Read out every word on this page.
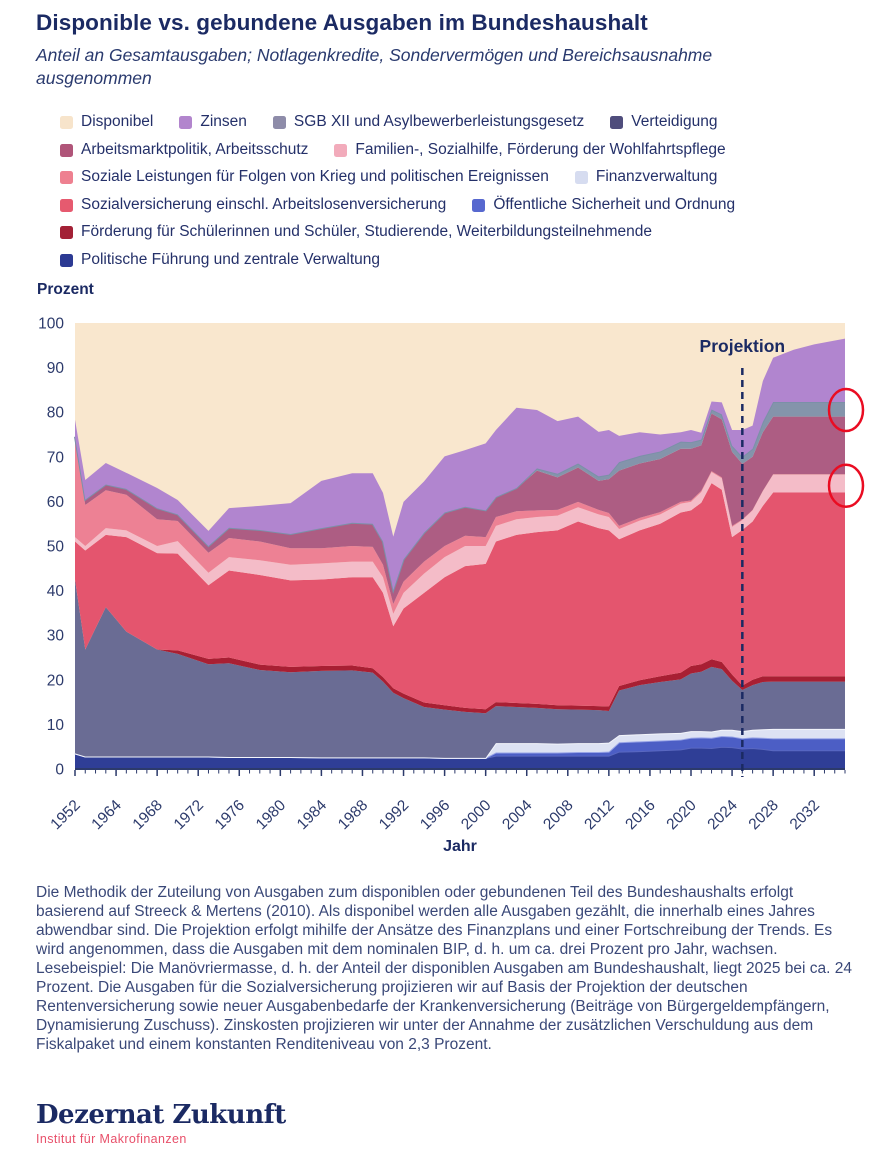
Disponible vs. gebundene Ausgaben im Bundeshaushalt
Anteil an Gesamtausgaben; Notlagenkredite, Sondervermögen und Bereichsausnahme ausgenommen
Disponibel	Zinsen	SGB XII und Asylbewerberleistungsgesetz	Verteidigung
Arbeitsmarktpolitik, Arbeitsschutz	Familien-, Sozialhilfe, Förderung der Wohlfahrtspflege
Soziale Leistungen für Folgen von Krieg und politischen Ereignissen	Finanzverwaltung
Sozialversicherung einschl. Arbeitslosenversicherung	Öffentliche Sicherheit und Ordnung
Förderung für Schülerinnen und Schüler, Studierende, Weiterbildungsteilnehmende
Politische Führung und zentrale Verwaltung
Prozent
0
10
20
30
40
50
60
70
80
90
100
1952 1964 1968 1972 1976 1980 1984 1988 1992 1996 2000 2004 2008 2012 2016 2020 2024 2028 2032
Projektion
Jahr

Die Methodik der Zuteilung von Ausgaben zum disponiblen oder gebundenen Teil des Bundeshaushalts erfolgt basierend auf Streeck & Mertens (2010). Als disponibel werden alle Ausgaben gezählt, die innerhalb eines Jahres abwendbar sind. Die Projektion erfolgt mihilfe der Ansätze des Finanzplans und einer Fortschreibung der Trends. Es wird angenommen, dass die Ausgaben mit dem nominalen BIP, d. h. um ca. drei Prozent pro Jahr, wachsen.

Lesebeispiel: Die Manövriermasse, d. h. der Anteil der disponiblen Ausgaben am Bundeshaushalt, liegt 2025 bei ca. 24 Prozent. Die Ausgaben für die Sozialversicherung projizieren wir auf Basis der Projektion der deutschen Rentenversicherung sowie neuer Ausgabenbedarfe der Krankenversicherung (Beiträge von Bürgergeldempfängern, Dynamisierung Zuschuss). Zinskosten projizieren wir unter der Annahme der zusätzlichen Verschuldung aus dem Fiskalpaket und einem konstanten Renditeniveau von 2,3 Prozent.

Dezernat Zukunft
Institut für Makrofinanzen
